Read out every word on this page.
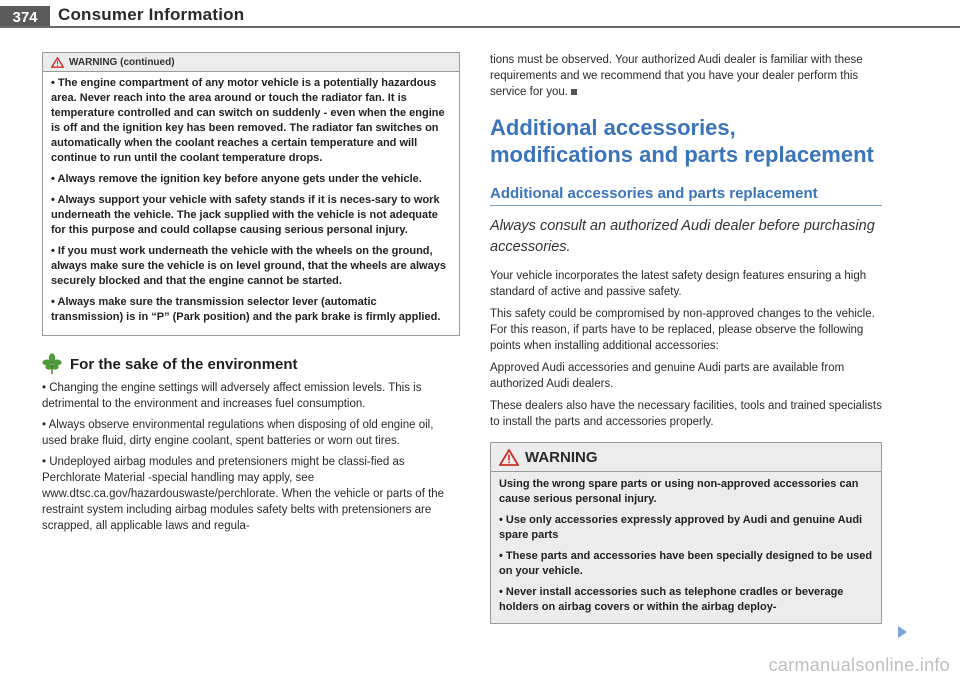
374	Consumer Information
WARNING (continued)

• The engine compartment of any motor vehicle is a potentially hazardous area. Never reach into the area around or touch the radiator fan. It is temperature controlled and can switch on suddenly - even when the engine is off and the ignition key has been removed. The radiator fan switches on automatically when the coolant reaches a certain temperature and will continue to run until the coolant temperature drops.

• Always remove the ignition key before anyone gets under the vehicle.

• Always support your vehicle with safety stands if it is neces-sary to work underneath the vehicle. The jack supplied with the vehicle is not adequate for this purpose and could collapse causing serious personal injury.

• If you must work underneath the vehicle with the wheels on the ground, always make sure the vehicle is on level ground, that the wheels are always securely blocked and that the engine cannot be started.

• Always make sure the transmission selector lever (automatic transmission) is in “P” (Park position) and the park brake is firmly applied.

For the sake of the environment

• Changing the engine settings will adversely affect emission levels. This is detrimental to the environment and increases fuel consumption.

• Always observe environmental regulations when disposing of old engine oil, used brake fluid, dirty engine coolant, spent batteries or worn out tires.

• Undeployed airbag modules and pretensioners might be classi-fied as Perchlorate Material -special handling may apply, see www.dtsc.ca.gov/hazardouswaste/perchlorate. When the vehicle or parts of the restraint system including airbag modules safety belts with pretensioners are scrapped, all applicable laws and regula-

tions must be observed. Your authorized Audi dealer is familiar with these requirements and we recommend that you have your dealer perform this service for you.

Additional accessories, modifications and parts replacement
Additional accessories and parts replacement
Always consult an authorized Audi dealer before purchasing accessories.

Your vehicle incorporates the latest safety design features ensuring a high standard of active and passive safety.

This safety could be compromised by non-approved changes to the vehicle. For this reason, if parts have to be replaced, please observe the following points when installing additional accessories:

Approved Audi accessories and genuine Audi parts are available from authorized Audi dealers.

These dealers also have the necessary facilities, tools and trained specialists to install the parts and accessories properly.

WARNING

Using the wrong spare parts or using non-approved accessories can cause serious personal injury.

• Use only accessories expressly approved by Audi and genuine Audi spare parts

• These parts and accessories have been specially designed to be used on your vehicle.

• Never install accessories such as telephone cradles or beverage holders on airbag covers or within the airbag deploy-

carmanualsonline.info
